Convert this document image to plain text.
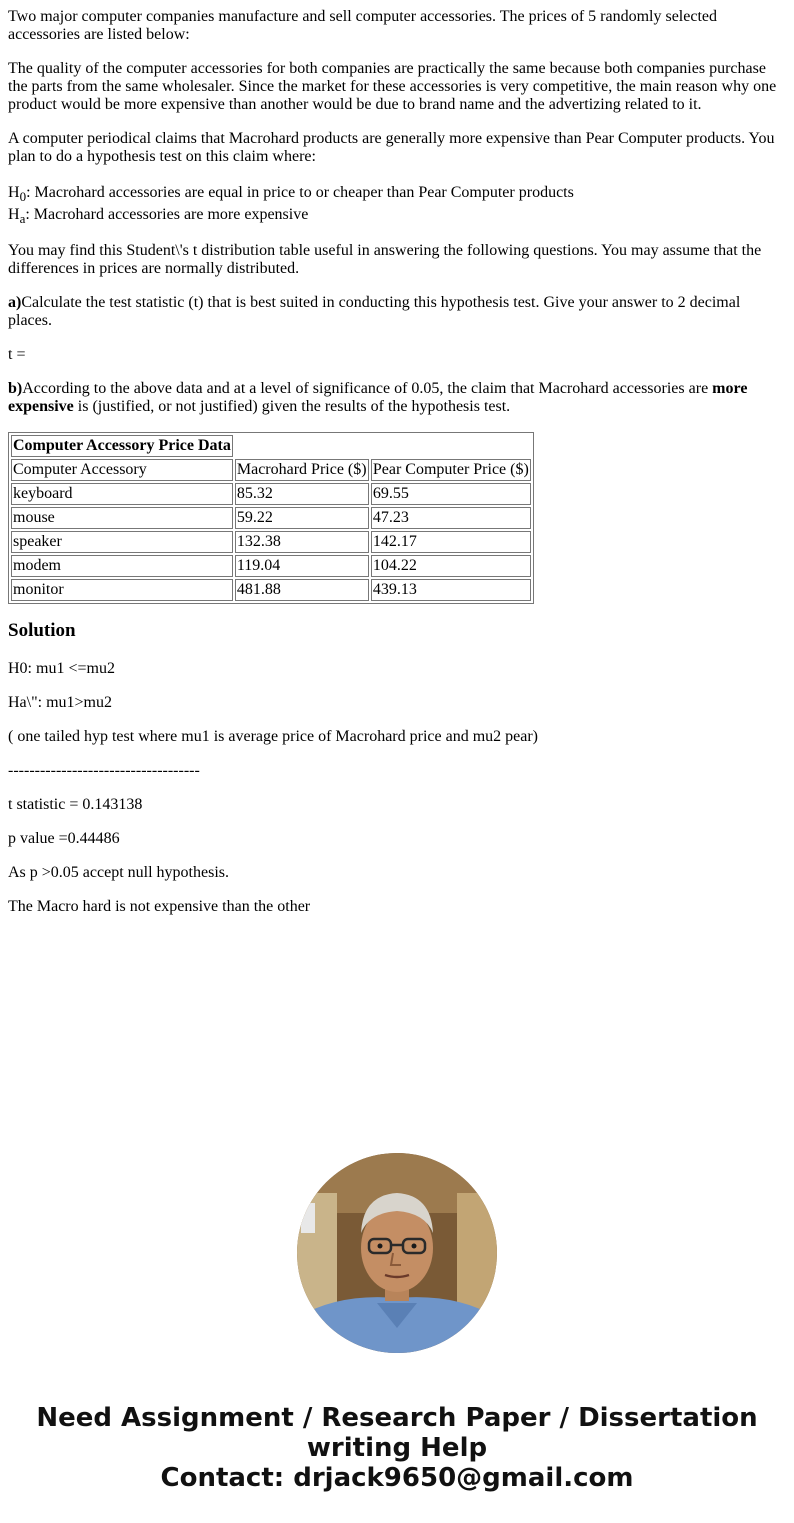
Two major computer companies manufacture and sell computer accessories. The prices of 5 randomly selected accessories are listed below:

The quality of the computer accessories for both companies are practically the same because both companies purchase the parts from the same wholesaler. Since the market for these accessories is very competitive, the main reason why one product would be more expensive than another would be due to brand name and the advertizing related to it.

A computer periodical claims that Macrohard products are generally more expensive than Pear Computer products. You plan to do a hypothesis test on this claim where:

$H_0$: Macrohard accessories are equal in price to or cheaper than Pear Computer products

$H_a$: Macrohard accessories are more expensive

You may find this Student\'s t distribution table useful in answering the following questions. You may assume that the differences in prices are normally distributed.

a)Calculate the test statistic (t) that is best suited in conducting this hypothesis test. Give your answer to 2 decimal places.

t =

b)According to the above data and at a level of significance of 0.05, the claim that Macrohard accessories are more expensive is (justified, or not justified) given the results of the hypothesis test.

Computer Accessory Price Data		
Computer Accessory	Macrohard Price ($)	Pear Computer Price ($)
keyboard	85.32	69.55
mouse	59.22	47.23
speaker	132.38	142.17
modem	119.04	104.22
monitor	481.88	439.13
Solution

H0: mu1 <=mu2

Ha\": mu1>mu2

( one tailed hyp test where mu1 is average price of Macrohard price and mu2 pear)

------------------------------------

t statistic = 0.143138

p value =0.44486

As p >0.05 accept null hypothesis.

The Macro hard is not expensive than the other

Need Assignment / Research Paper / Dissertation
writing Help
Contact: drjack9650@gmail.com
